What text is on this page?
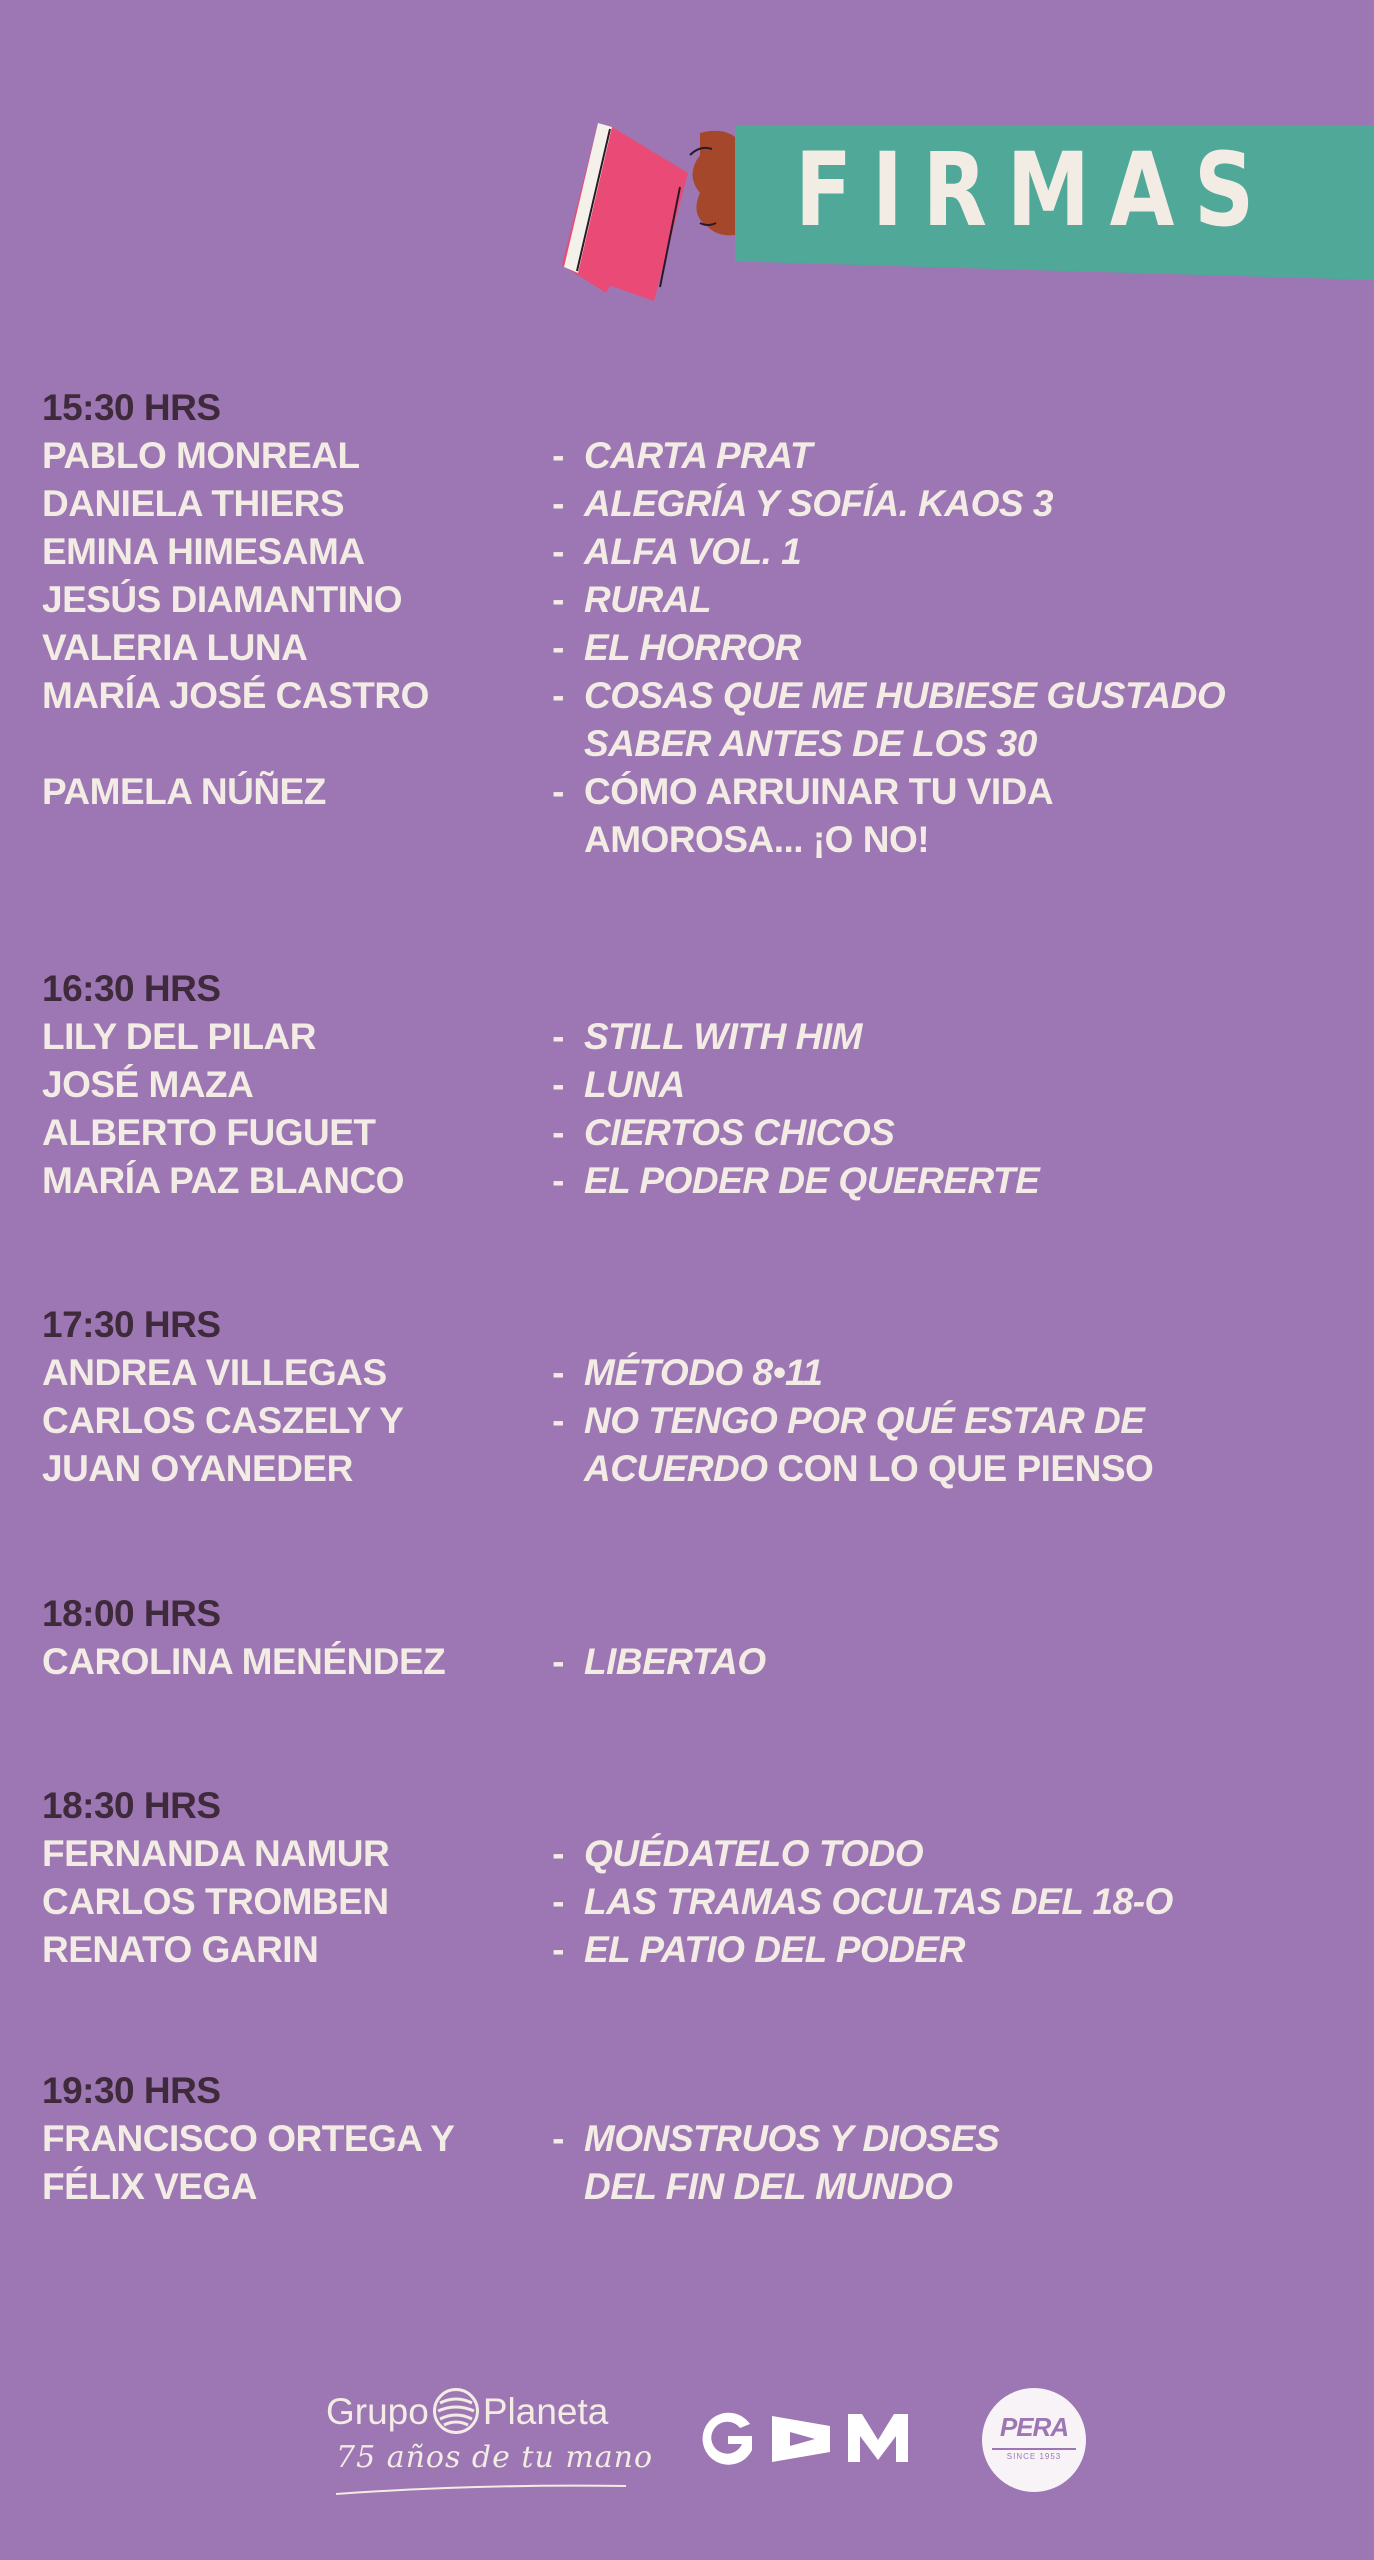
FIRMAS
15:30 HRS
PABLO MONREAL	- CARTA PRAT
DANIELA THIERS	- ALEGRÍA Y SOFÍA. KAOS 3
EMINA HIMESAMA	- ALFA VOL. 1
JESÚS DIAMANTINO	- RURAL
VALERIA LUNA	- EL HORROR
MARÍA JOSÉ CASTRO	- COSAS QUE ME HUBIESE GUSTADO
SABER ANTES DE LOS 30
PAMELA NÚÑEZ	- CÓMO ARRUINAR TU VIDA
AMOROSA... ¡O NO!
16:30 HRS
LILY DEL PILAR	- STILL WITH HIM
JOSÉ MAZA	- LUNA
ALBERTO FUGUET	- CIERTOS CHICOS
MARÍA PAZ BLANCO	- EL PODER DE QUERERTE
17:30 HRS
ANDREA VILLEGAS	- MÉTODO 8•11
CARLOS CASZELY Y	- NO TENGO POR QUÉ ESTAR DE
JUAN OYANEDER	ACUERDO CON LO QUE PIENSO
18:00 HRS
CAROLINA MENÉNDEZ	- LIBERTAO
18:30 HRS
FERNANDA NAMUR	- QUÉDATELO TODO
CARLOS TROMBEN	- LAS TRAMAS OCULTAS DEL 18-O
RENATO GARIN	- EL PATIO DEL PODER
19:30 HRS
FRANCISCO ORTEGA Y	- MONSTRUOS Y DIOSES
FÉLIX VEGA	DEL FIN DEL MUNDO
Grupo Planeta
75 años de tu mano
PERA
SINCE 1953
